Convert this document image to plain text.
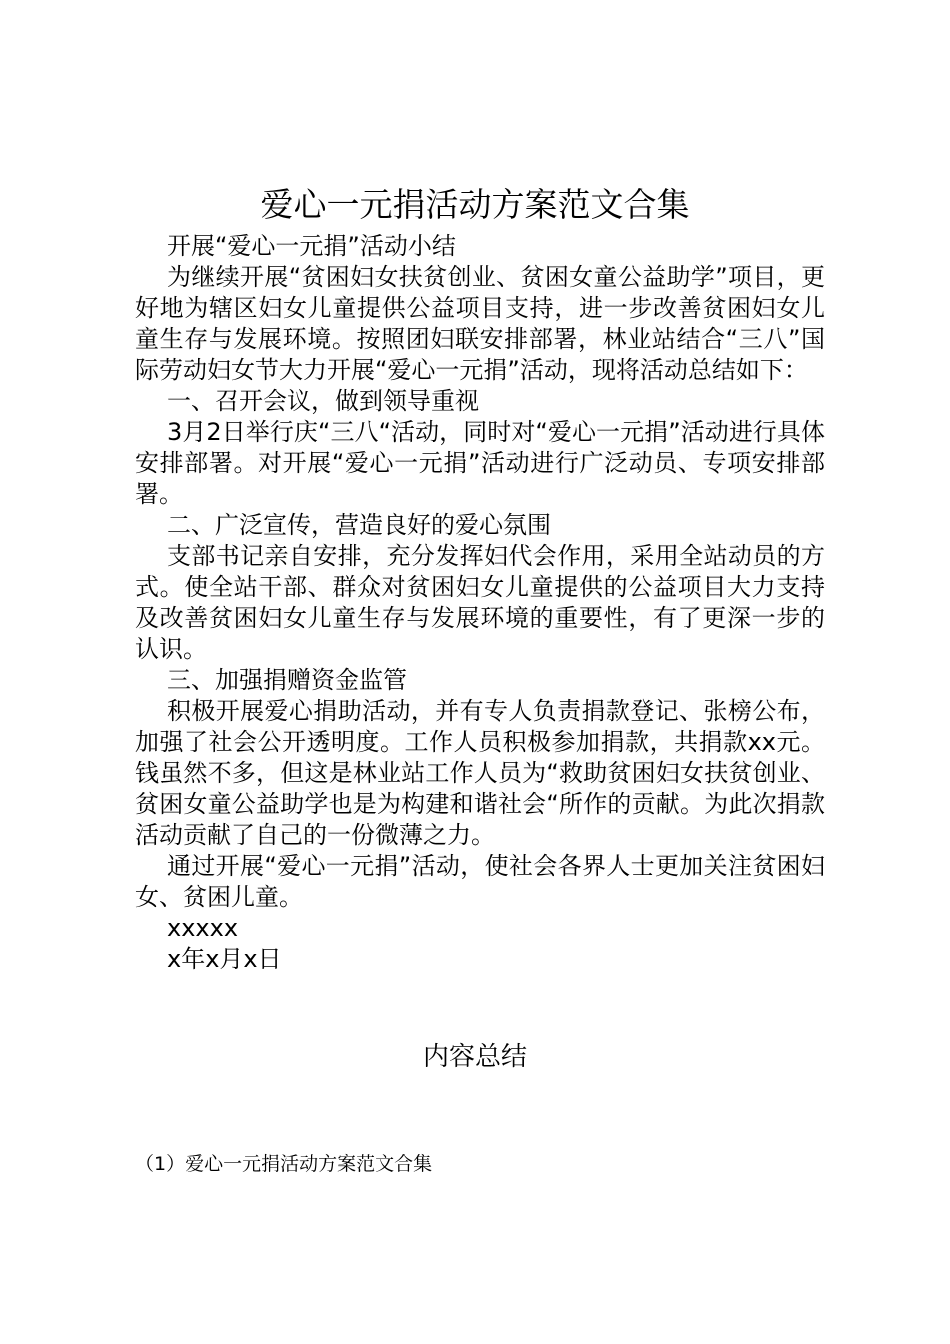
爱心一元捐活动方案范文合集

开展“爱心一元捐”活动小结

为继续开展“贫困妇女扶贫创业、贫困女童公益助学”项目，更好地为辖区妇女儿童提供公益项目支持，进一步改善贫困妇女儿童生存与发展环境。按照团妇联安排部署，林业站结合“三八”国际劳动妇女节大力开展“爱心一元捐”活动，现将活动总结如下：

一、召开会议，做到领导重视

3月2日举行庆“三八“活动，同时对“爱心一元捐”活动进行具体安排部署。对开展“爱心一元捐”活动进行广泛动员、专项安排部署。

二、广泛宣传，营造良好的爱心氛围

支部书记亲自安排，充分发挥妇代会作用，采用全站动员的方式。使全站干部、群众对贫困妇女儿童提供的公益项目大力支持及改善贫困妇女儿童生存与发展环境的重要性，有了更深一步的认识。

三、加强捐赠资金监管

积极开展爱心捐助活动，并有专人负责捐款登记、张榜公布，加强了社会公开透明度。工作人员积极参加捐款，共捐款xx元。钱虽然不多，但这是林业站工作人员为“救助贫困妇女扶贫创业、贫困女童公益助学也是为构建和谐社会“所作的贡献。为此次捐款活动贡献了自己的一份微薄之力。

通过开展“爱心一元捐”活动，使社会各界人士更加关注贫困妇女、贫困儿童。

xxxxx

x年x月x日

内容总结

（1）爱心一元捐活动方案范文合集
